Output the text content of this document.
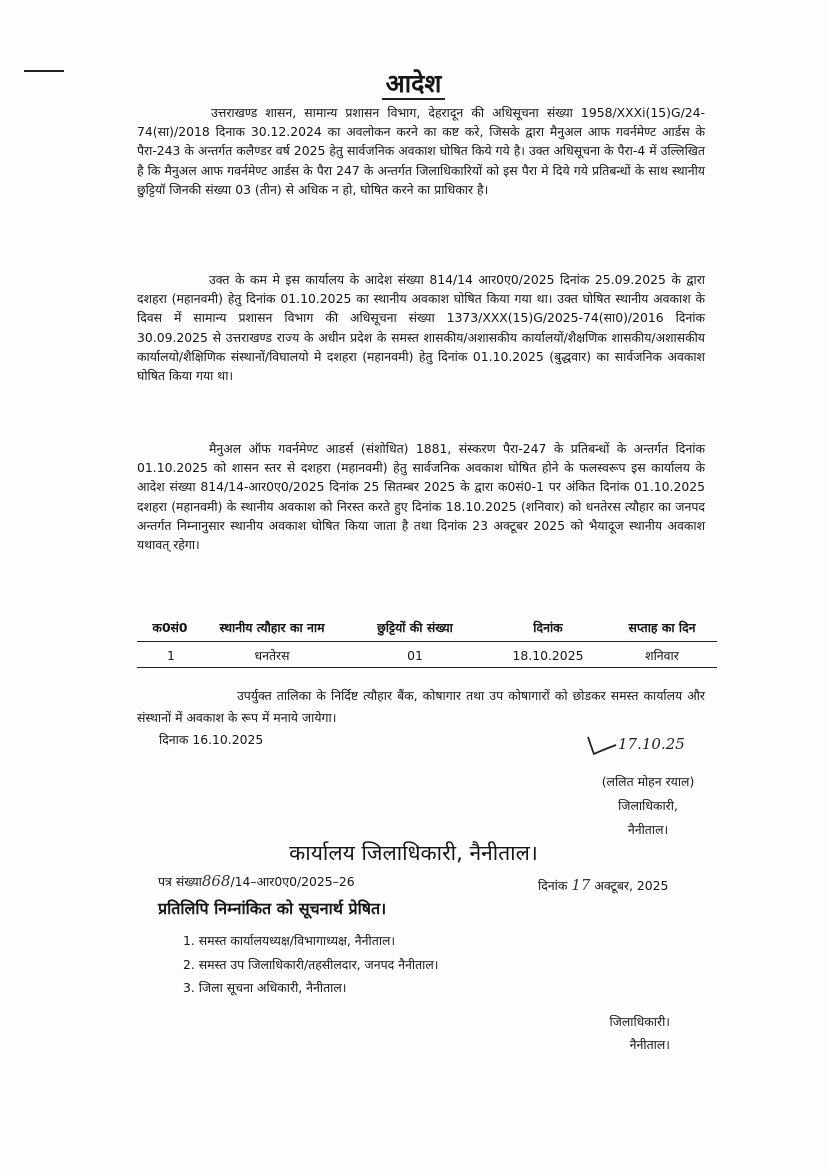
आदेश
उत्तराखण्ड शासन, सामान्य प्रशासन विभाग, देहरादून की अधिसूचना संख्या 1958/XXXi(15)G/24-74(सा)/2018 दिनाक 30.12.2024 का अवलोकन करने का कष्ट करे, जिसके द्वारा मैनुअल आफ गवर्नमेण्ट आर्डस के पैरा-243 के अन्तर्गत कलैण्डर वर्ष 2025 हेतु सार्वजनिक अवकाश घोषित किये गये है। उक्त अधिसूचना के पैरा-4 में उल्लिखित है कि मैनुअल आफ गवर्नमेण्ट आर्डस के पैरा 247 के अन्तर्गत जिलाधिकारियों को इस पैरा मे दिये गये प्रतिबन्धों के साथ स्थानीय छुट्टियॉ जिनकी संख्या 03 (तीन) से अधिक न हो, घोषित करने का प्राधिकार है।
उक्त के कम मे इस कार्यालय के आदेश संख्या 814/14 आर0ए0/2025 दिनांक 25.09.2025 के द्वारा दशहरा (महानवमी) हेतु दिनांक 01.10.2025 का स्थानीय अवकाश घोषित किया गया था। उक्त घोषित स्थानीय अवकाश के दिवस में सामान्य प्रशासन विभाग की अधिसूचना संख्या 1373/XXX(15)G/2025-74(सा0)/2016 दिनांक 30.09.2025 से उत्तराखण्ड राज्य के अधीन प्रदेश के समस्त शासकीय/अशासकीय कार्यालयों/शैक्षणिक शासकीय/अशासकीय कार्यालयो/शैक्षिणिक संस्थानों/विघालयो मे दशहरा (महानवमी) हेतु दिनांक 01.10.2025 (बुद्धवार) का सार्वजनिक अवकाश घोषित किया गया था।
मैनुअल ऑफ गवर्नमेण्ट आडर्स (संशोधित) 1881, संस्करण पैरा-247 के प्रतिबन्धों के अन्तर्गत दिनांक 01.10.2025 को शासन स्तर से दशहरा (महानवमी) हेतु सार्वजनिक अवकाश घोषित होने के फलस्वरूप इस कार्यालय के आदेश संख्या 814/14-आर0ए0/2025 दिनांक 25 सितम्बर 2025 के द्वारा क0सं0-1 पर अंकित दिनांक 01.10.2025 दशहरा (महानवमी) के स्थानीय अवकाश को निरस्त करते हुए दिनांक 18.10.2025 (शनिवार) को धनतेरस त्यौहार का जनपद अन्तर्गत निम्नानुसार स्थानीय अवकाश घोषित किया जाता है तथा दिनांक 23 अक्टूबर 2025 को भैयादूज स्थानीय अवकाश यथावत् रहेगा।
क0सं0	स्थानीय त्यौहार का नाम	छुट्टियों की संख्या	दिनांक	सप्ताह का दिन
1	धनतेरस	01	18.10.2025	शनिवार
उपर्युक्त तालिका के निर्दिष्ट त्यौहार बैंक, कोषागार तथा उप कोषागारों को छोडकर समस्त कार्यालय और संस्थानों में अवकाश के रूप में मनाये जायेगा।
दिनाक 16.10.2025	17.10.25
(ललित मोहन रयाल)
जिलाधिकारी,
नैनीताल।
कार्यालय जिलाधिकारी, नैनीताल।
पत्र संख्या868/14–आर0ए0/2025–26	दिनांक 17 अक्टूबर, 2025
प्रतिलिपि निम्नांकित को सूचनार्थ प्रेषित।
1. समस्त कार्यालयध्यक्ष/विभागाध्यक्ष, नैनीताल।
2. समस्त उप जिलाधिकारी/तहसीलदार, जनपद नैनीताल।
3. जिला सूचना अधिकारी, नैनीताल।
जिलाधिकारी।
नैनीताल।
